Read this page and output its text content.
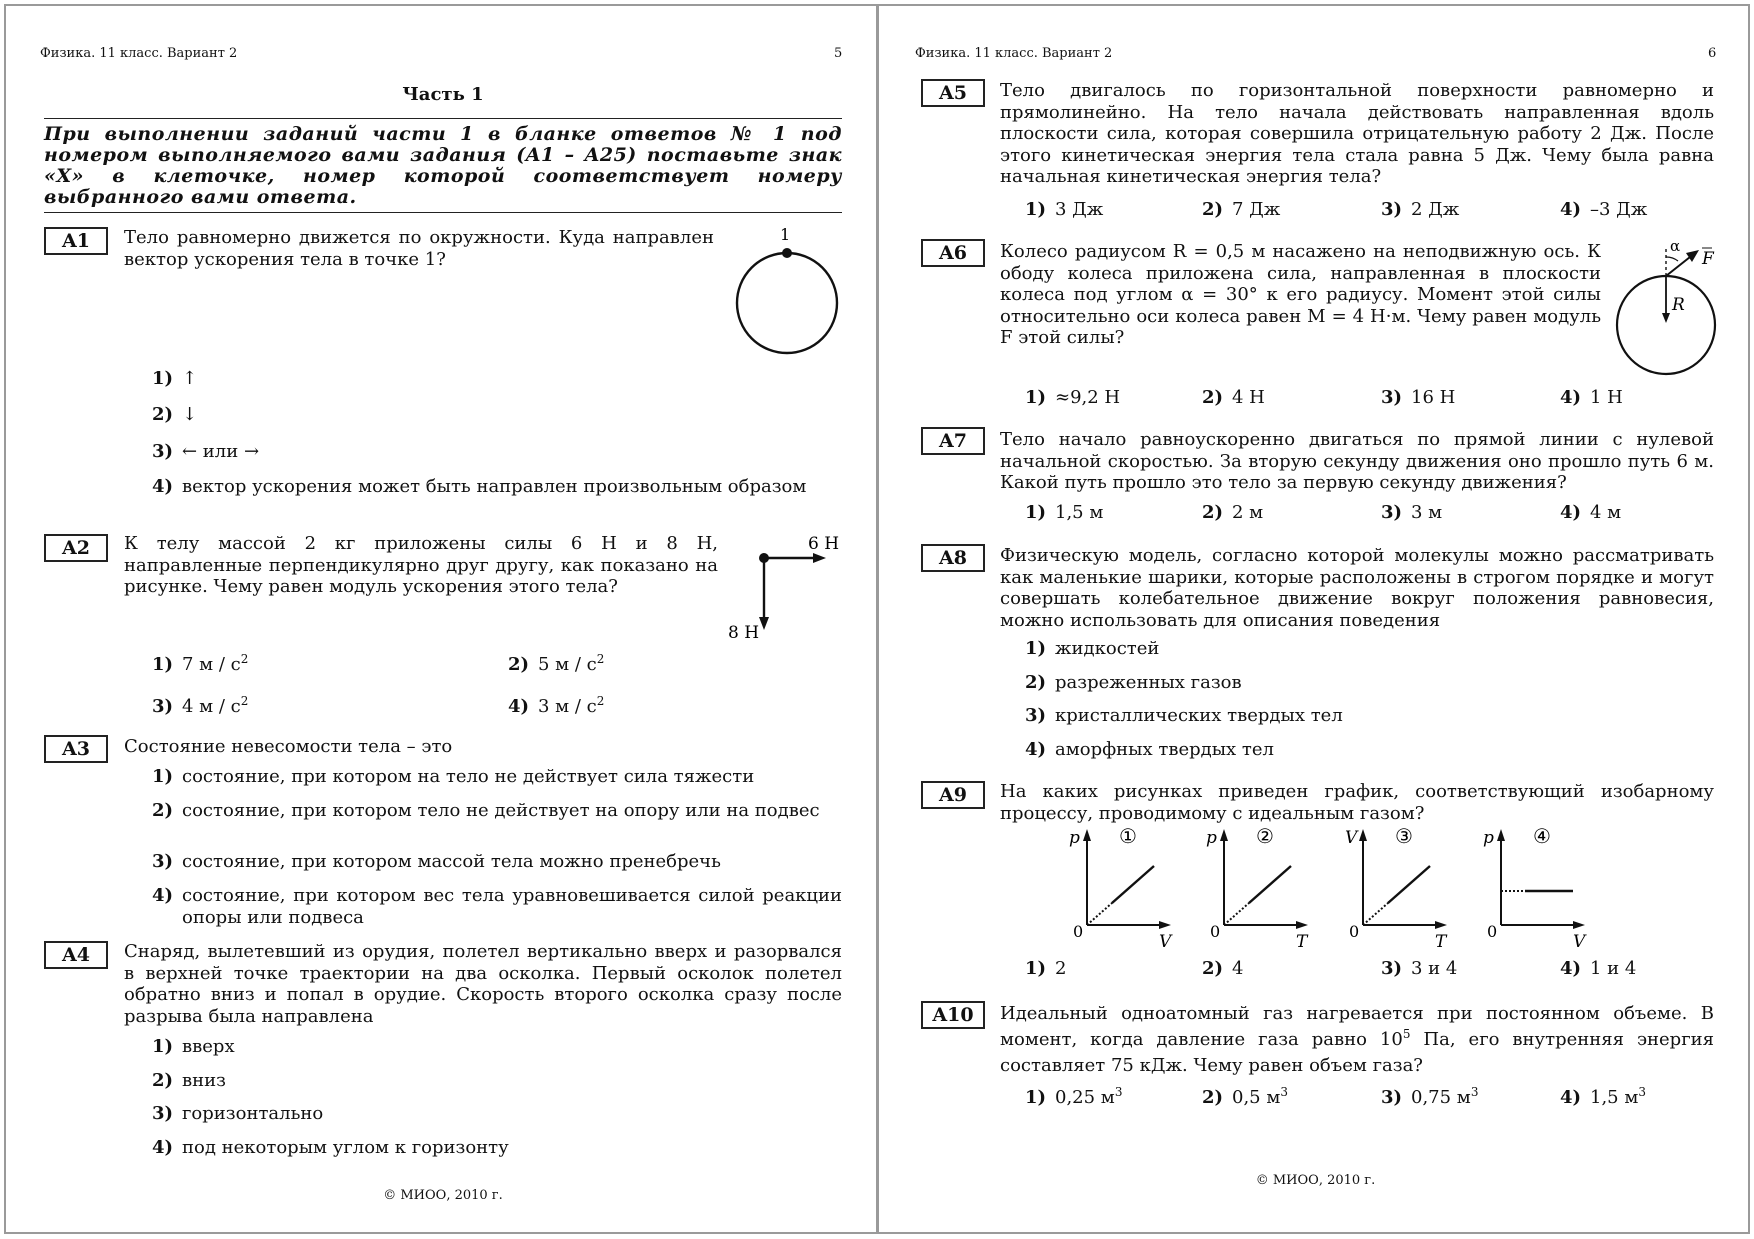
Физика. 11 класс. Вариант 2	5
Часть 1
При выполнении заданий части 1 в бланке ответов № 1 под номером выполняемого вами задания (A1 – A25) поставьте знак «X» в клеточке, номер которой соответствует номеру выбранного вами ответа.
A1	Тело равномерно движется по окружности. Куда направлен вектор ускорения тела в точке 1?
1
1) ↑
2) ↓
3) ← или →
4) вектор ускорения может быть направлен произвольным образом
A2	К телу массой 2 кг приложены силы 6 Н и 8 Н, направленные перпендикулярно друг другу, как показано на рисунке. Чему равен модуль ускорения этого тела?
6 Н
8 Н
1) 7 м / $с^2$	2) 5 м / $с^2$
3) 4 м / $с^2$	4) 3 м / $с^2$
A3	Состояние невесомости тела – это
1) состояние, при котором на тело не действует сила тяжести
2) состояние, при котором тело не действует на опору или на подвес
3) состояние, при котором массой тела можно пренебречь
4) состояние, при котором вес тела уравновешивается силой реакции опоры или подвеса
A4	Снаряд, вылетевший из орудия, полетел вертикально вверх и разорвался в верхней точке траектории на два осколка. Первый осколок полетел обратно вниз и попал в орудие. Скорость второго осколка сразу после разрыва была направлена
1) вверх
2) вниз
3) горизонтально
4) под некоторым углом к горизонту
© МИОО, 2010 г.
Физика. 11 класс. Вариант 2	6
A5	Тело двигалось по горизонтальной поверхности равномерно и прямолинейно. На тело начала действовать направленная вдоль плоскости сила, которая совершила отрицательную работу 2 Дж. После этого кинетическая энергия тела стала равна 5 Дж. Чему была равна начальная кинетическая энергия тела?
1) 3 Дж	2) 7 Дж	3) 2 Дж	4) –3 Дж
A6	Колесо радиусом R = 0,5 м насажено на неподвижную ось. К ободу колеса приложена сила, направленная в плоскости колеса под углом α = 30° к его радиусу. Момент этой силы относительно оси колеса равен M = 4 Н·м. Чему равен модуль F этой силы?
α
F
R
1) ≈9,2 Н	2) 4 Н	3) 16 Н	4) 1 Н
A7	Тело начало равноускоренно двигаться по прямой линии с нулевой начальной скоростью. За вторую секунду движения оно прошло путь 6 м. Какой путь прошло это тело за первую секунду движения?
1) 1,5 м	2) 2 м	3) 3 м	4) 4 м
A8	Физическую модель, согласно которой молекулы можно рассматривать как маленькие шарики, которые расположены в строгом порядке и могут совершать колебательное движение вокруг положения равновесия, можно использовать для описания поведения
1) жидкостей
2) разреженных газов
3) кристаллических твердых тел
4) аморфных твердых тел
A9	На каких рисунках приведен график, соответствующий изобарному процессу, проводимому с идеальным газом?
p
V
0
①	p
T
0
②	V
T
0
③	p
V
0
④
1) 2	2) 4	3) 3 и 4	4) 1 и 4
A10	Идеальный одноатомный газ нагревается при постоянном объеме. В момент, когда давление газа равно $10^5$ Па, его внутренняя энергия составляет 75 кДж. Чему равен объем газа?
1) 0,25 $м^3$	2) 0,5 $м^3$	3) 0,75 $м^3$	4) 1,5 $м^3$
© МИОО, 2010 г.
